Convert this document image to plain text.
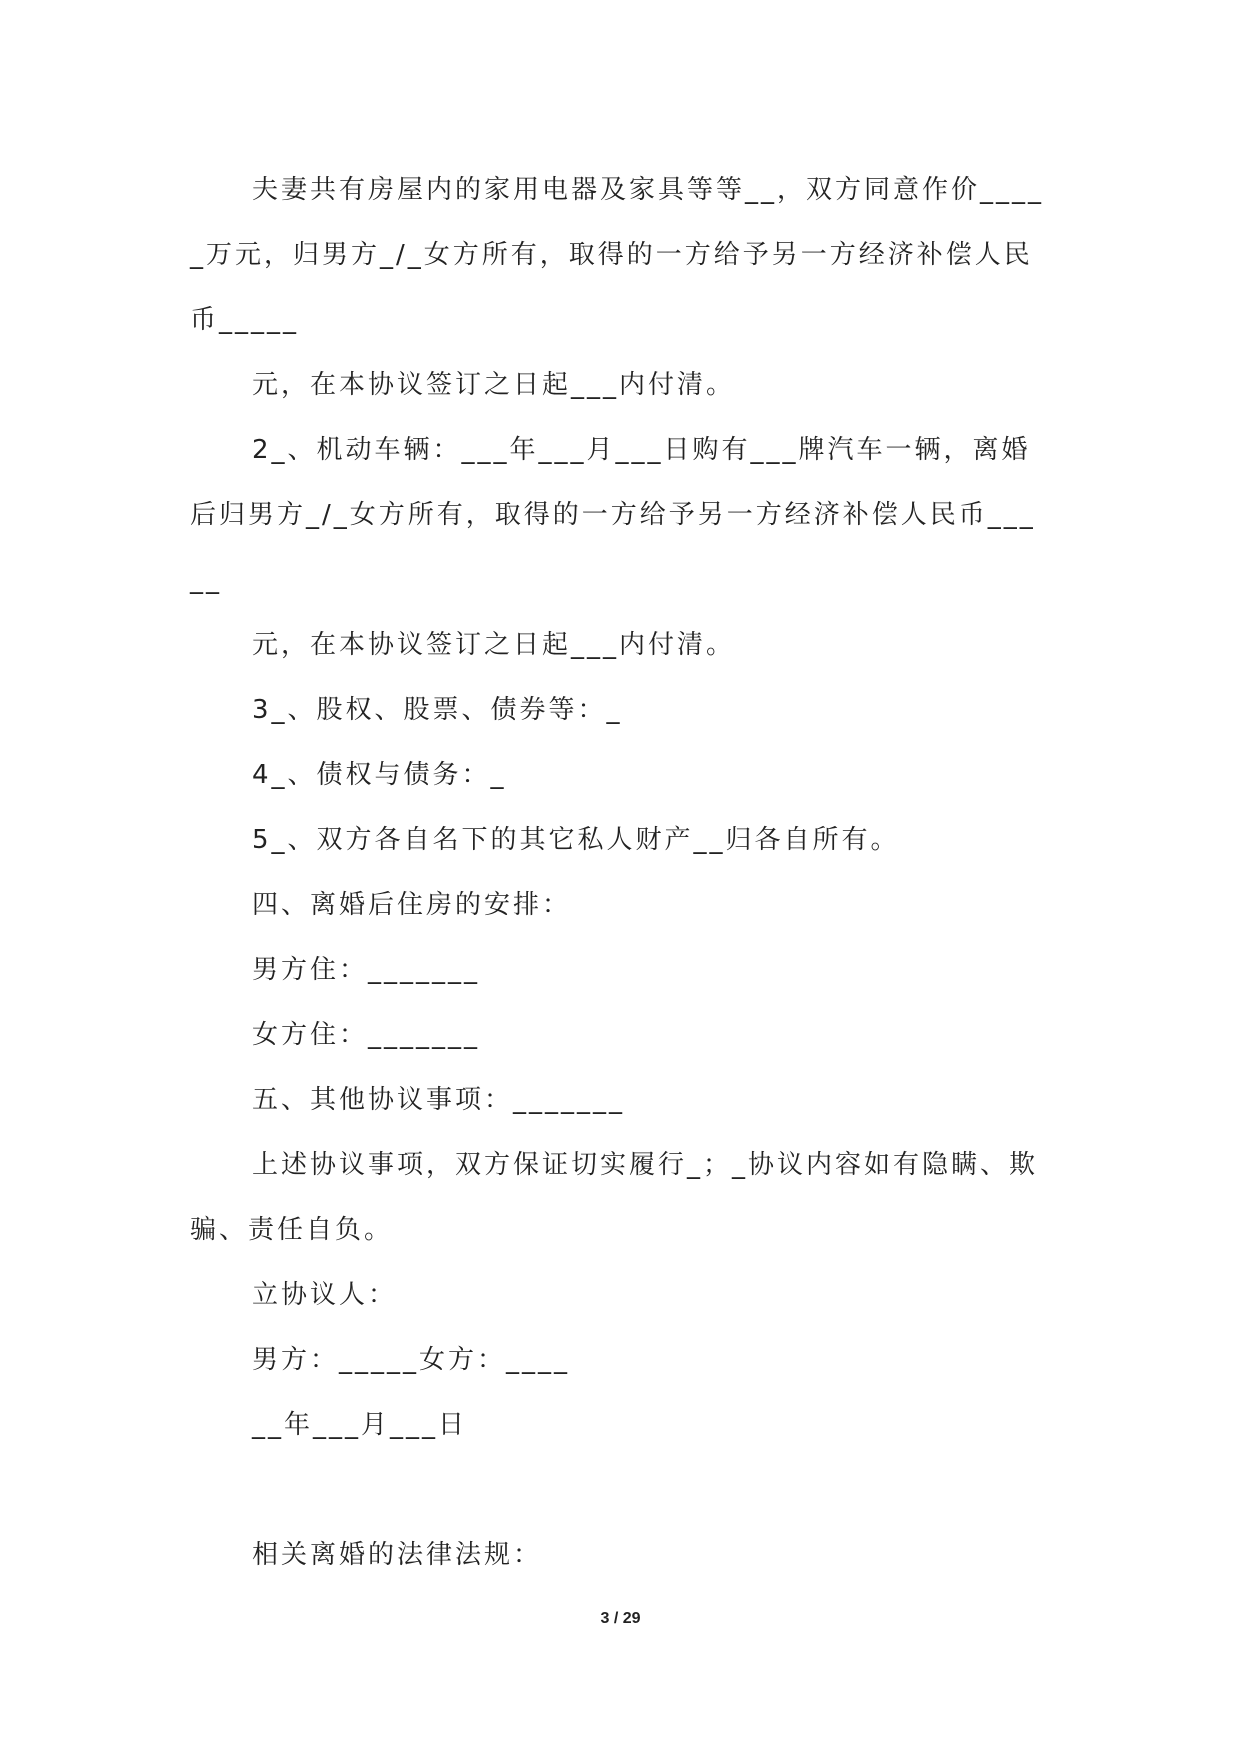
夫妻共有房屋内的家用电器及家具等等__，双方同意作价_____万元，归男方_/_女方所有，取得的一方给予另一方经济补偿人民币_____

元，在本协议签订之日起___内付清。

2_、机动车辆：___年___月___日购有___牌汽车一辆，离婚后归男方_/_女方所有，取得的一方给予另一方经济补偿人民币_____

元，在本协议签订之日起___内付清。

3_、股权、股票、债券等：_

4_、债权与债务：_

5_、双方各自名下的其它私人财产__归各自所有。

四、离婚后住房的安排：

男方住：_______

女方住：_______

五、其他协议事项：_______

上述协议事项，双方保证切实履行_；_协议内容如有隐瞒、欺骗、责任自负。

立协议人：

男方：_____女方：____

__年___月___日

相关离婚的法律法规：

3 / 29
